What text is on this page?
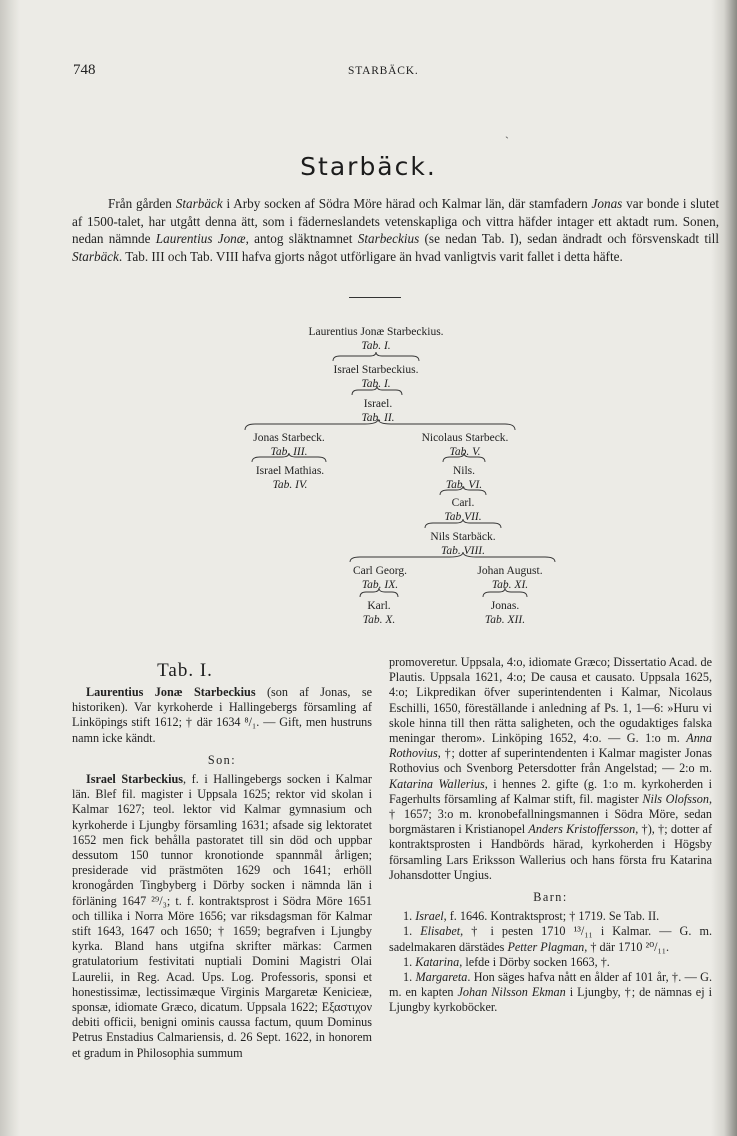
748	STARBÄCK.
ˏ
Starbäck.

Från gården Starbäck i Arby socken af Södra Möre härad och Kalmar län, där stamfadern Jonas var bonde i slutet af 1500-talet, har utgått denna ätt, som i fäderneslandets vetenskapliga och vittra häfder intager ett aktadt rum. Sonen, nedan nämnde Laurentius Jonæ, antog släktnamnet Starbeckius (se nedan Tab. I), sedan ändradt och försvenskadt till Starbäck. Tab. III och Tab. VIII hafva gjorts något utförligare än hvad vanligtvis varit fallet i detta häfte.

Laurentius Jonæ Starbeckius.
Tab. I.
Israel Starbeckius.
Tab. I.
Israel.
Tab. II.
Jonas Starbeck.
Tab. III.
Nicolaus Starbeck.
Tab. V.
Israel Mathias.
Tab. IV.
Nils.
Tab. VI.
Carl.
Tab VII.
Nils Starbäck.
Tab. VIII.
Carl Georg.
Tab. IX.
Johan August.
Tab. XI.
Karl.
Tab. X.
Jonas.
Tab. XII.
Tab. I.

Laurentius Jonæ Starbeckius (son af Jonas, se historiken). Var kyrkoherde i Hallingebergs församling af Linköpings stift 1612; † där 1634 ⁸/₁. — Gift, men hustruns namn icke kändt.

Son:

Israel Starbeckius, f. i Hallingebergs socken i Kalmar län. Blef fil. magister i Uppsala 1625; rektor vid skolan i Kalmar 1627; teol. lektor vid Kalmar gymnasium och kyrkoherde i Ljungby församling 1631; afsade sig lektoratet 1652 men fick behålla pastoratet till sin död och uppbar dessutom 150 tunnor kronotionde spannmål årligen; presiderade vid prästmöten 1629 och 1641; erhöll kronogården Tingbyberg i Dörby socken i nämnda län i förläning 1647 ²⁹/₃; t. f. kontraktsprost i Södra Möre 1651 och tillika i Norra Möre 1656; var riksdagsman för Kalmar stift 1643, 1647 och 1650; † 1659; begrafven i Ljungby kyrka. Bland hans utgifna skrifter märkas: Carmen gratulatorium festivitati nuptiali Domini Magistri Olai Laurelii, in Reg. Acad. Ups. Log. Professoris, sponsi et honestissimæ, lectissimæque Virginis Margaretæ Kenicieæ, sponsæ, idiomate Græco, dicatum. Uppsala 1622; Εξαστιχον debiti officii, benigni ominis caussa factum, quum Dominus Petrus Enstadius Calmariensis, d. 26 Sept. 1622, in honorem et gradum in Philosophia summum

promoveretur. Uppsala, 4:o, idiomate Græco; Dissertatio Acad. de Plautis. Uppsala 1621, 4:o; De causa et causato. Uppsala 1625, 4:o; Likpredikan öfver superintendenten i Kalmar, Nicolaus Eschilli, 1650, föreställande i anledning af Ps. 1, 1—6: »Huru vi skole hinna till then rätta saligheten, och the ogudaktiges falska meningar therom». Linköping 1652, 4:o. — G. 1:o m. Anna Rothovius, †; dotter af superintendenten i Kalmar magister Jonas Rothovius och Svenborg Petersdotter från Angelstad; — 2:o m. Katarina Wallerius, i hennes 2. gifte (g. 1:o m. kyrkoherden i Fagerhults församling af Kalmar stift, fil. magister Nils Olofsson, † 1657; 3:o m. kronobefallningsmannen i Södra Möre, sedan borgmästaren i Kristianopel Anders Kristoffersson, †), †; dotter af kontraktsprosten i Handbörds härad, kyrkoherden i Högsby församling Lars Eriksson Wallerius och hans första fru Katarina Johansdotter Ungius.

Barn:

1. Israel, f. 1646. Kontraktsprost; † 1719. Se Tab. II.

1. Elisabet, † i pesten 1710 ¹³/₁₁ i Kalmar. — G. m. sadelmakaren därstädes Petter Plagman, † där 1710 ²⁰/₁₁.

1. Katarina, lefde i Dörby socken 1663, †.

1. Margareta. Hon säges hafva nått en ålder af 101 år, †. — G. m. en kapten Johan Nilsson Ekman i Ljungby, †; de nämnas ej i Ljungby kyrkoböcker.
